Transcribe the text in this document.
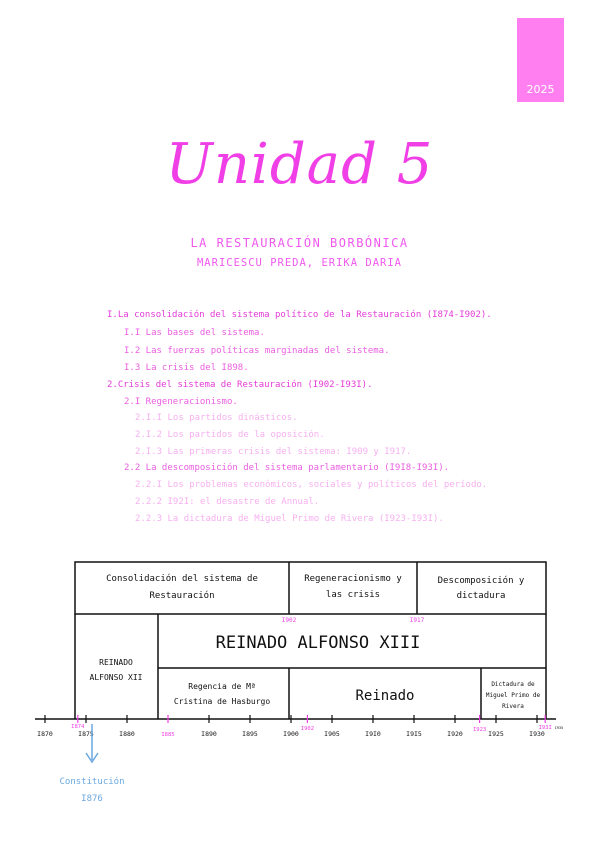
2025
Unidad 5
LA RESTAURACIÓN BORBÓNICA
MARICESCU PREDA, ERIKA DARIA
I.La consolidación del sistema político de la Restauración (I874-I902).
I.I Las bases del sistema.
I.2 Las fuerzas políticas marginadas del sistema.
I.3 La crisis del I898.
2.Crisis del sistema de Restauración (I902-I93I).
2.I Regeneracionismo.
2.I.I Los partidos dinásticos.
2.I.2 Los partidos de la oposición.
2.I.3 Las primeras crisis del sistema: I909 y I917.
2.2 La descomposición del sistema parlamentario (I9I8-I93I).
2.2.I Los problemas económicos, sociales y políticos del período.
2.2.2 I92I: el desastre de Annual.
2.2.3 La dictadura de Miguel Primo de Rivera (I923-I93I).
Consolidación del sistema de
Restauración
Regeneracionismo y
las crisis
Descomposición y
dictadura
I902	I917
REINADO
ALFONSO XII
REINADO ALFONSO XIII
Regencia de Mª
Cristina de Hasburgo	Reinado
Dictadura de
Miguel Primo de
Rivera
I870
I874
I875	I880	I885	I890	I895	I900
I902
I905	I9I0	I9I5	I920 I923 I925	I930
I93I I935
Constitución
I876
